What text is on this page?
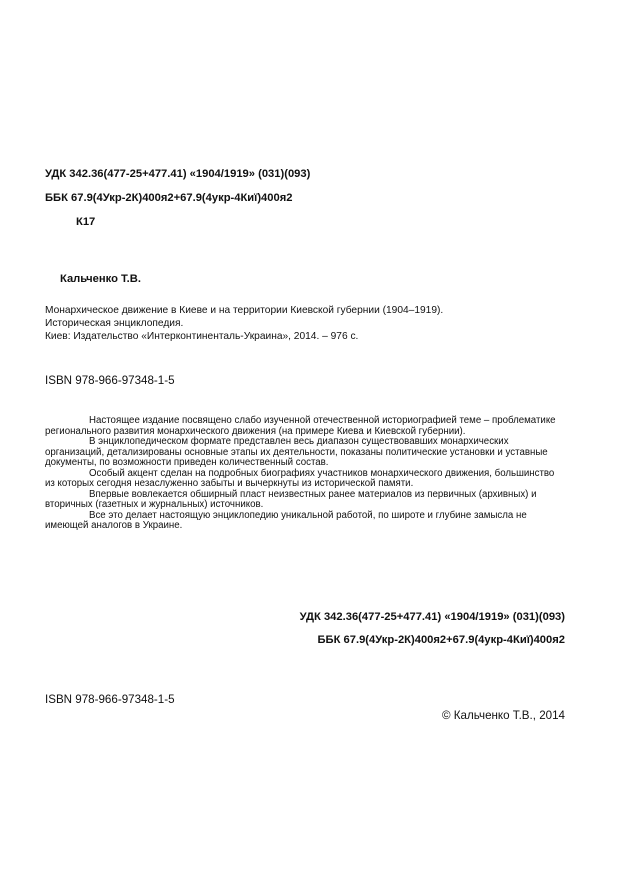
УДК 342.36(477-25+477.41) «1904/1919» (031)(093)

ББК 67.9(4Укр-2К)400я2+67.9(4укр-4Киї)400я2

К17

Кальченко Т.В.

Монархическое движение в Киеве и на территории Киевской губернии (1904–1919).

Историческая энциклопедия.

Киев: Издательство «Интерконтиненталь-Украина», 2014. – 976 с.

ISBN 978-966-97348-1-5

Настоящее издание посвящено слабо изученной отечественной историографией теме – проблематике регионального развития монархического движения (на примере Киева и Киевской губернии).

В энциклопедическом формате представлен весь диапазон существовавших монархических организаций, детализированы основные этапы их деятельности, показаны политические установки и уставные документы, по возможности приведен количественный состав.

Особый акцент сделан на подробных биографиях участников монархического движения, большинство из которых сегодня незаслуженно забыты и вычеркнуты из исторической памяти.

Впервые вовлекается обширный пласт неизвестных ранее материалов из первичных (архивных) и вторичных (газетных и журнальных) источников.

Все это делает настоящую энциклопедию уникальной работой, по широте и глубине замысла не имеющей аналогов в Украине.

УДК 342.36(477-25+477.41) «1904/1919» (031)(093)

ББК 67.9(4Укр-2К)400я2+67.9(4укр-4Киї)400я2

ISBN 978-966-97348-1-5

© Кальченко Т.В., 2014
